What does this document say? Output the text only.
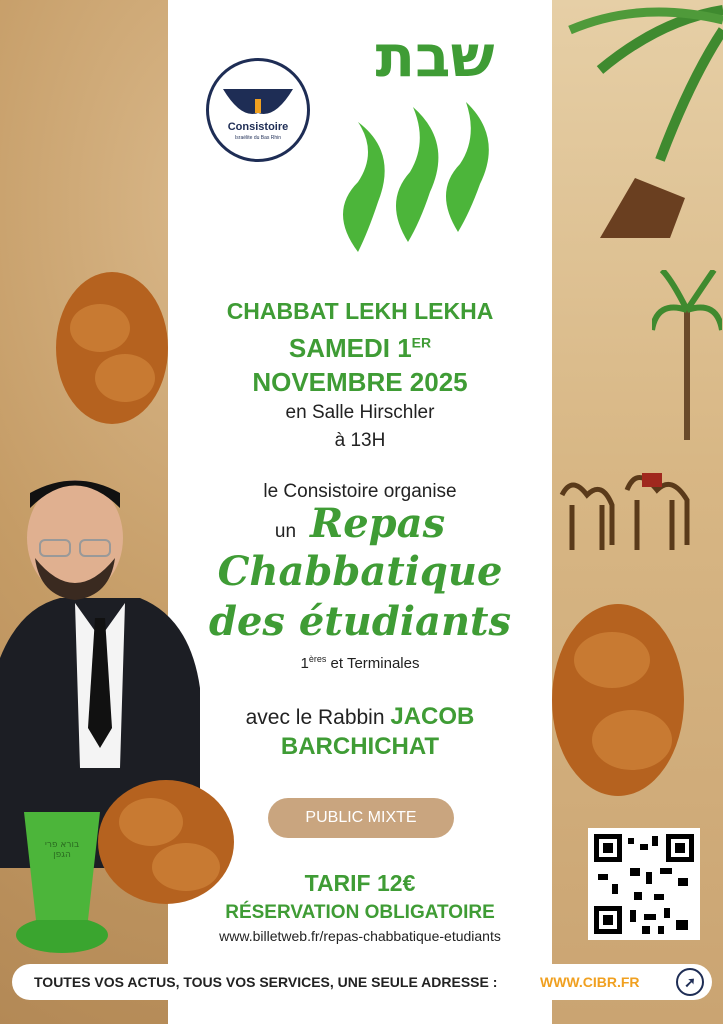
בורא פרי הגפן
Consistoire
Israélite du Bas Rhin
שבת
CHABBAT LEKH LEKHA
SAMEDI 1ER
NOVEMBRE 2025
en Salle Hirschler
à 13H
le Consistoire organise
un Repas
Chabbatique
des étudiants
1ères et Terminales
avec le Rabbin JACOB
BARCHICHAT
PUBLIC MIXTE
TARIF 12€
RÉSERVATION OBLIGATOIRE
www.billetweb.fr/repas-chabbatique-etudiants
TOUTES VOS ACTUS, TOUS VOS SERVICES, UNE SEULE ADRESSE :	WWW.CIBR.FR	➚
